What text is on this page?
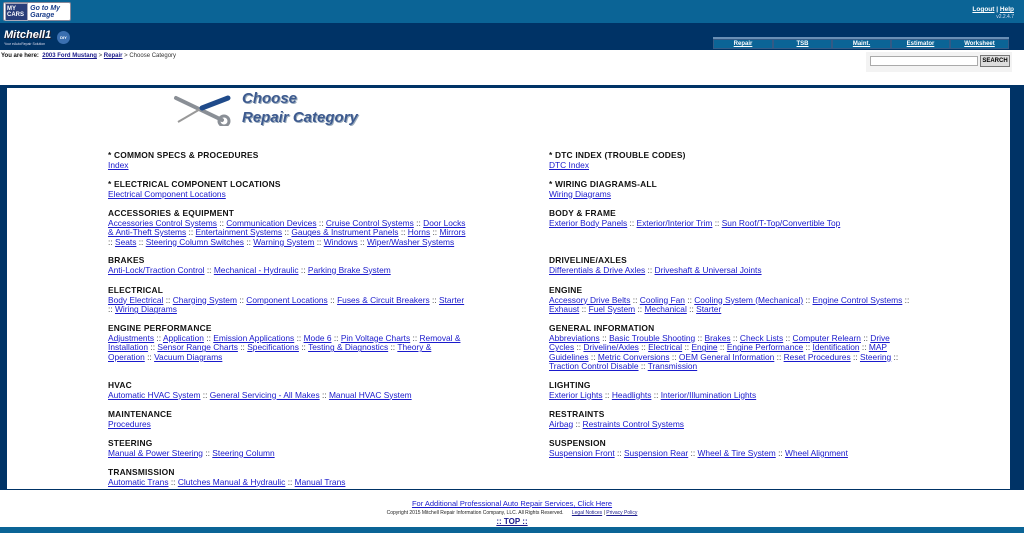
MY CARS
Go to My Garage
Logout | Help
v2.2.4.7
Mitchell1
Your eAutoRepair Solution
DIY
Repair	TSB	Maint.	Estimator	Worksheet
You are here: 2003 Ford Mustang > Repair > Choose Category
SEARCH
Choose
Repair Category
* COMMON SPECS & PROCEDURES
Index
* ELECTRICAL COMPONENT LOCATIONS
Electrical Component Locations
ACCESSORIES & EQUIPMENT
Accessories Control Systems :: Communication Devices :: Cruise Control Systems :: Door Locks & Anti-Theft Systems :: Entertainment Systems :: Gauges & Instrument Panels :: Horns :: Mirrors :: Seats :: Steering Column Switches :: Warning System :: Windows :: Wiper/Washer Systems
BRAKES
Anti-Lock/Traction Control :: Mechanical - Hydraulic :: Parking Brake System
ELECTRICAL
Body Electrical :: Charging System :: Component Locations :: Fuses & Circuit Breakers :: Starter :: Wiring Diagrams
ENGINE PERFORMANCE
Adjustments :: Application :: Emission Applications :: Mode 6 :: Pin Voltage Charts :: Removal & Installation :: Sensor Range Charts :: Specifications :: Testing & Diagnostics :: Theory & Operation :: Vacuum Diagrams
HVAC
Automatic HVAC System :: General Servicing - All Makes :: Manual HVAC System
MAINTENANCE
Procedures
STEERING
Manual & Power Steering :: Steering Column
TRANSMISSION
Automatic Trans :: Clutches Manual & Hydraulic :: Manual Trans
* DTC INDEX (TROUBLE CODES)
DTC Index
* WIRING DIAGRAMS-ALL
Wiring Diagrams
BODY & FRAME
Exterior Body Panels :: Exterior/Interior Trim :: Sun Roof/T-Top/Convertible Top
DRIVELINE/AXLES
Differentials & Drive Axles :: Driveshaft & Universal Joints
ENGINE
Accessory Drive Belts :: Cooling Fan :: Cooling System (Mechanical) :: Engine Control Systems :: Exhaust :: Fuel System :: Mechanical :: Starter
GENERAL INFORMATION
Abbreviations :: Basic Trouble Shooting :: Brakes :: Check Lists :: Computer Relearn :: Drive Cycles :: Driveline/Axles :: Electrical :: Engine :: Engine Performance :: Identification :: MAP Guidelines :: Metric Conversions :: OEM General Information :: Reset Procedures :: Steering :: Traction Control Disable :: Transmission
LIGHTING
Exterior Lights :: Headlights :: Interior/Illumination Lights
RESTRAINTS
Airbag :: Restraints Control Systems
SUSPENSION
Suspension Front :: Suspension Rear :: Wheel & Tire System :: Wheel Alignment
For Additional Professional Auto Repair Services, Click Here
Copyright 2015 Mitchell Repair Information Company, LLC. All Rights Reserved. Legal Notices | Privacy Policy
:: TOP ::
